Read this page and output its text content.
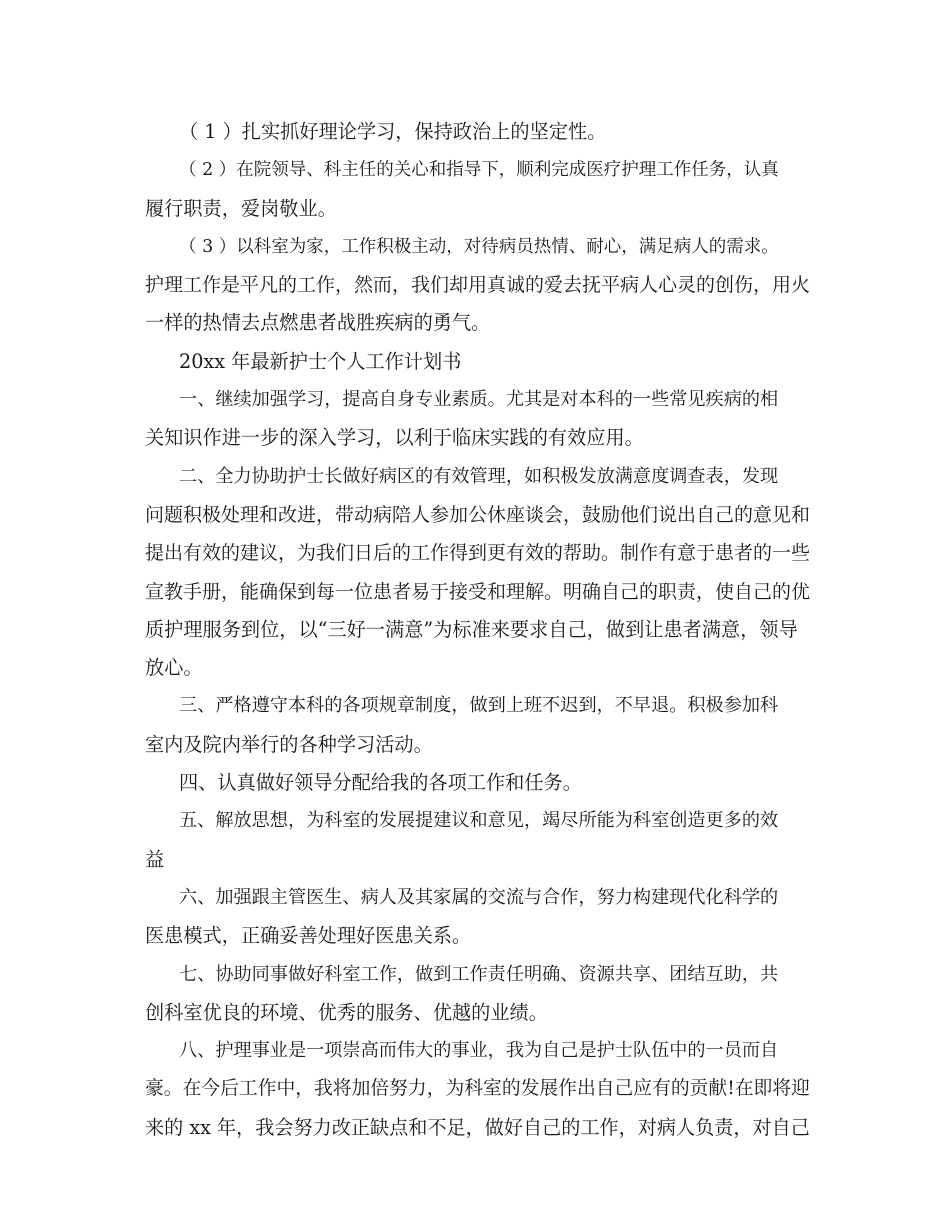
（ 1 ）扎实抓好理论学习，保持政治上的坚定性。
（ 2 ）在院领导、科主任的关心和指导下，顺利完成医疗护理工作任务，认真
履行职责，爱岗敬业。
（ 3 ）以科室为家，工作积极主动，对待病员热情、耐心，满足病人的需求。
护理工作是平凡的工作，然而，我们却用真诚的爱去抚平病人心灵的创伤，用火
一样的热情去点燃患者战胜疾病的勇气。
20xx 年最新护士个人工作计划书
一、继续加强学习，提高自身专业素质。尤其是对本科的一些常见疾病的相
关知识作进一步的深入学习，以利于临床实践的有效应用。
二、全力协助护士长做好病区的有效管理，如积极发放满意度调查表，发现
问题积极处理和改进，带动病陪人参加公休座谈会，鼓励他们说出自己的意见和
提出有效的建议，为我们日后的工作得到更有效的帮助。制作有意于患者的一些
宣教手册，能确保到每一位患者易于接受和理解。明确自己的职责，使自己的优
质护理服务到位，以“三好一满意”为标准来要求自己，做到让患者满意，领导
放心。
三、严格遵守本科的各项规章制度，做到上班不迟到，不早退。积极参加科
室内及院内举行的各种学习活动。
四、认真做好领导分配给我的各项工作和任务。
五、解放思想，为科室的发展提建议和意见，竭尽所能为科室创造更多的效
益
六、加强跟主管医生、病人及其家属的交流与合作，努力构建现代化科学的
医患模式，正确妥善处理好医患关系。
七、协助同事做好科室工作，做到工作责任明确、资源共享、团结互助，共
创科室优良的环境、优秀的服务、优越的业绩。
八、护理事业是一项崇高而伟大的事业，我为自己是护士队伍中的一员而自
豪。在今后工作中，我将加倍努力，为科室的发展作出自己应有的贡献!在即将迎
来的 xx 年，我会努力改正缺点和不足，做好自己的工作，对病人负责，对自己
